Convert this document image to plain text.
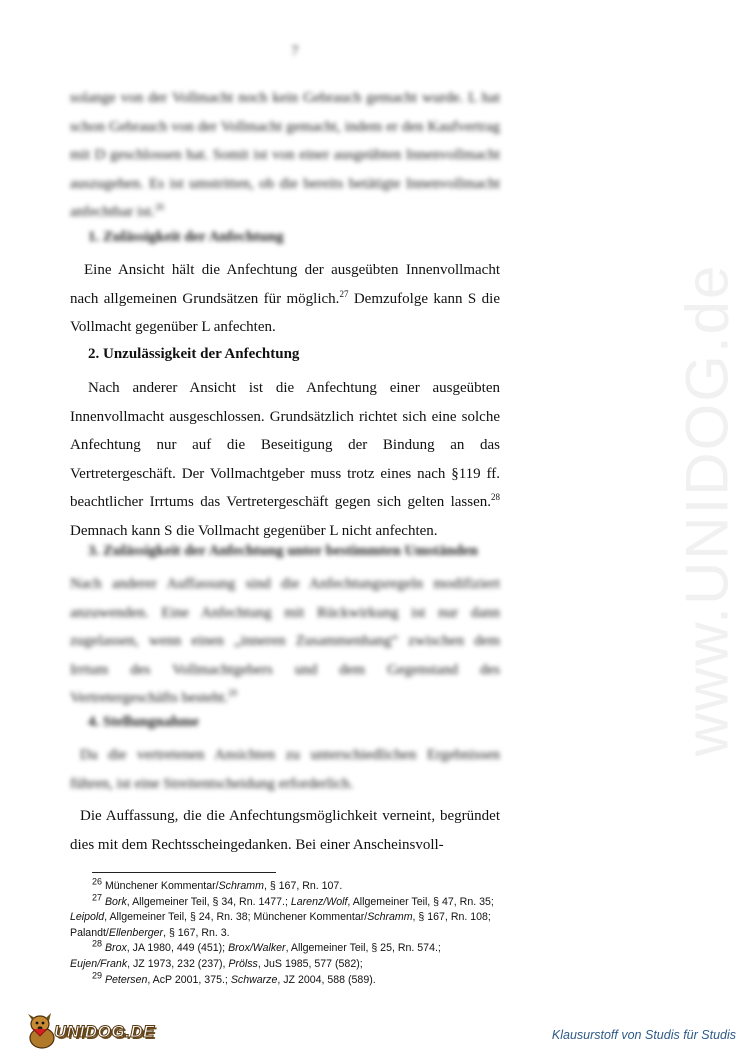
www.UNIDOG.de
7
solange von der Vollmacht noch kein Gebrauch gemacht wurde. L hat schon Gebrauch von der Vollmacht gemacht, indem er den Kaufvertrag mit D geschlossen hat. Somit ist von einer ausgeübten Innenvollmacht auszugehen. Es ist umstritten, ob die bereits betätigte Innenvollmacht anfechtbar ist.$^{26}$
1. Zulässigkeit der Anfechtung
Eine Ansicht hält die Anfechtung der ausgeübten Innenvollmacht nach allgemeinen Grundsätzen für möglich.$^{27}$ Demzufolge kann S die Vollmacht gegenüber L anfechten.
2. Unzulässigkeit der Anfechtung
Nach anderer Ansicht ist die Anfechtung einer ausgeübten Innenvollmacht ausgeschlossen. Grundsätzlich richtet sich eine solche Anfechtung nur auf die Beseitigung der Bindung an das Vertretergeschäft. Der Vollmachtgeber muss trotz eines nach §119 ff. beachtlicher Irrtums das Vertretergeschäft gegen sich gelten lassen.$^{28}$ Demnach kann S die Vollmacht gegenüber L nicht anfechten.
3. Zulässigkeit der Anfechtung unter bestimmten Umständen
Nach anderer Auffassung sind die Anfechtungsregeln modifiziert anzuwenden. Eine Anfechtung mit Rückwirkung ist nur dann zugelassen, wenn einen „inneren Zusammenhang“ zwischen dem Irrtum des Vollmachtgebers und dem Gegenstand des Vertretergeschäfts besteht.$^{29}$
4. Stellungnahme
Da die vertretenen Ansichten zu unterschiedlichen Ergebnissen führen, ist eine Streitentscheidung erforderlich.
Die Auffassung, die die Anfechtungsmöglichkeit verneint, begründet dies mit dem Rechtsscheingedanken. Bei einer Anscheinsvoll-

$^{26}$ Münchener Kommentar/Schramm, § 167, Rn. 107.

$^{27}$ Bork, Allgemeiner Teil, § 34, Rn. 1477.; Larenz/Wolf, Allgemeiner Teil, § 47, Rn. 35; Leipold, Allgemeiner Teil, § 24, Rn. 38; Münchener Kommentar/Schramm, § 167, Rn. 108; Palandt/Ellenberger, § 167, Rn. 3.

$^{28}$ Brox, JA 1980, 449 (451); Brox/Walker, Allgemeiner Teil, § 25, Rn. 574.; Eujen/Frank, JZ 1973, 232 (237), Prölss, JuS 1985, 577 (582);

$^{29}$ Petersen, AcP 2001, 375.; Schwarze, JZ 2004, 588 (589).

UNIDOG.DE	Klausurstoff von Studis für Studis
